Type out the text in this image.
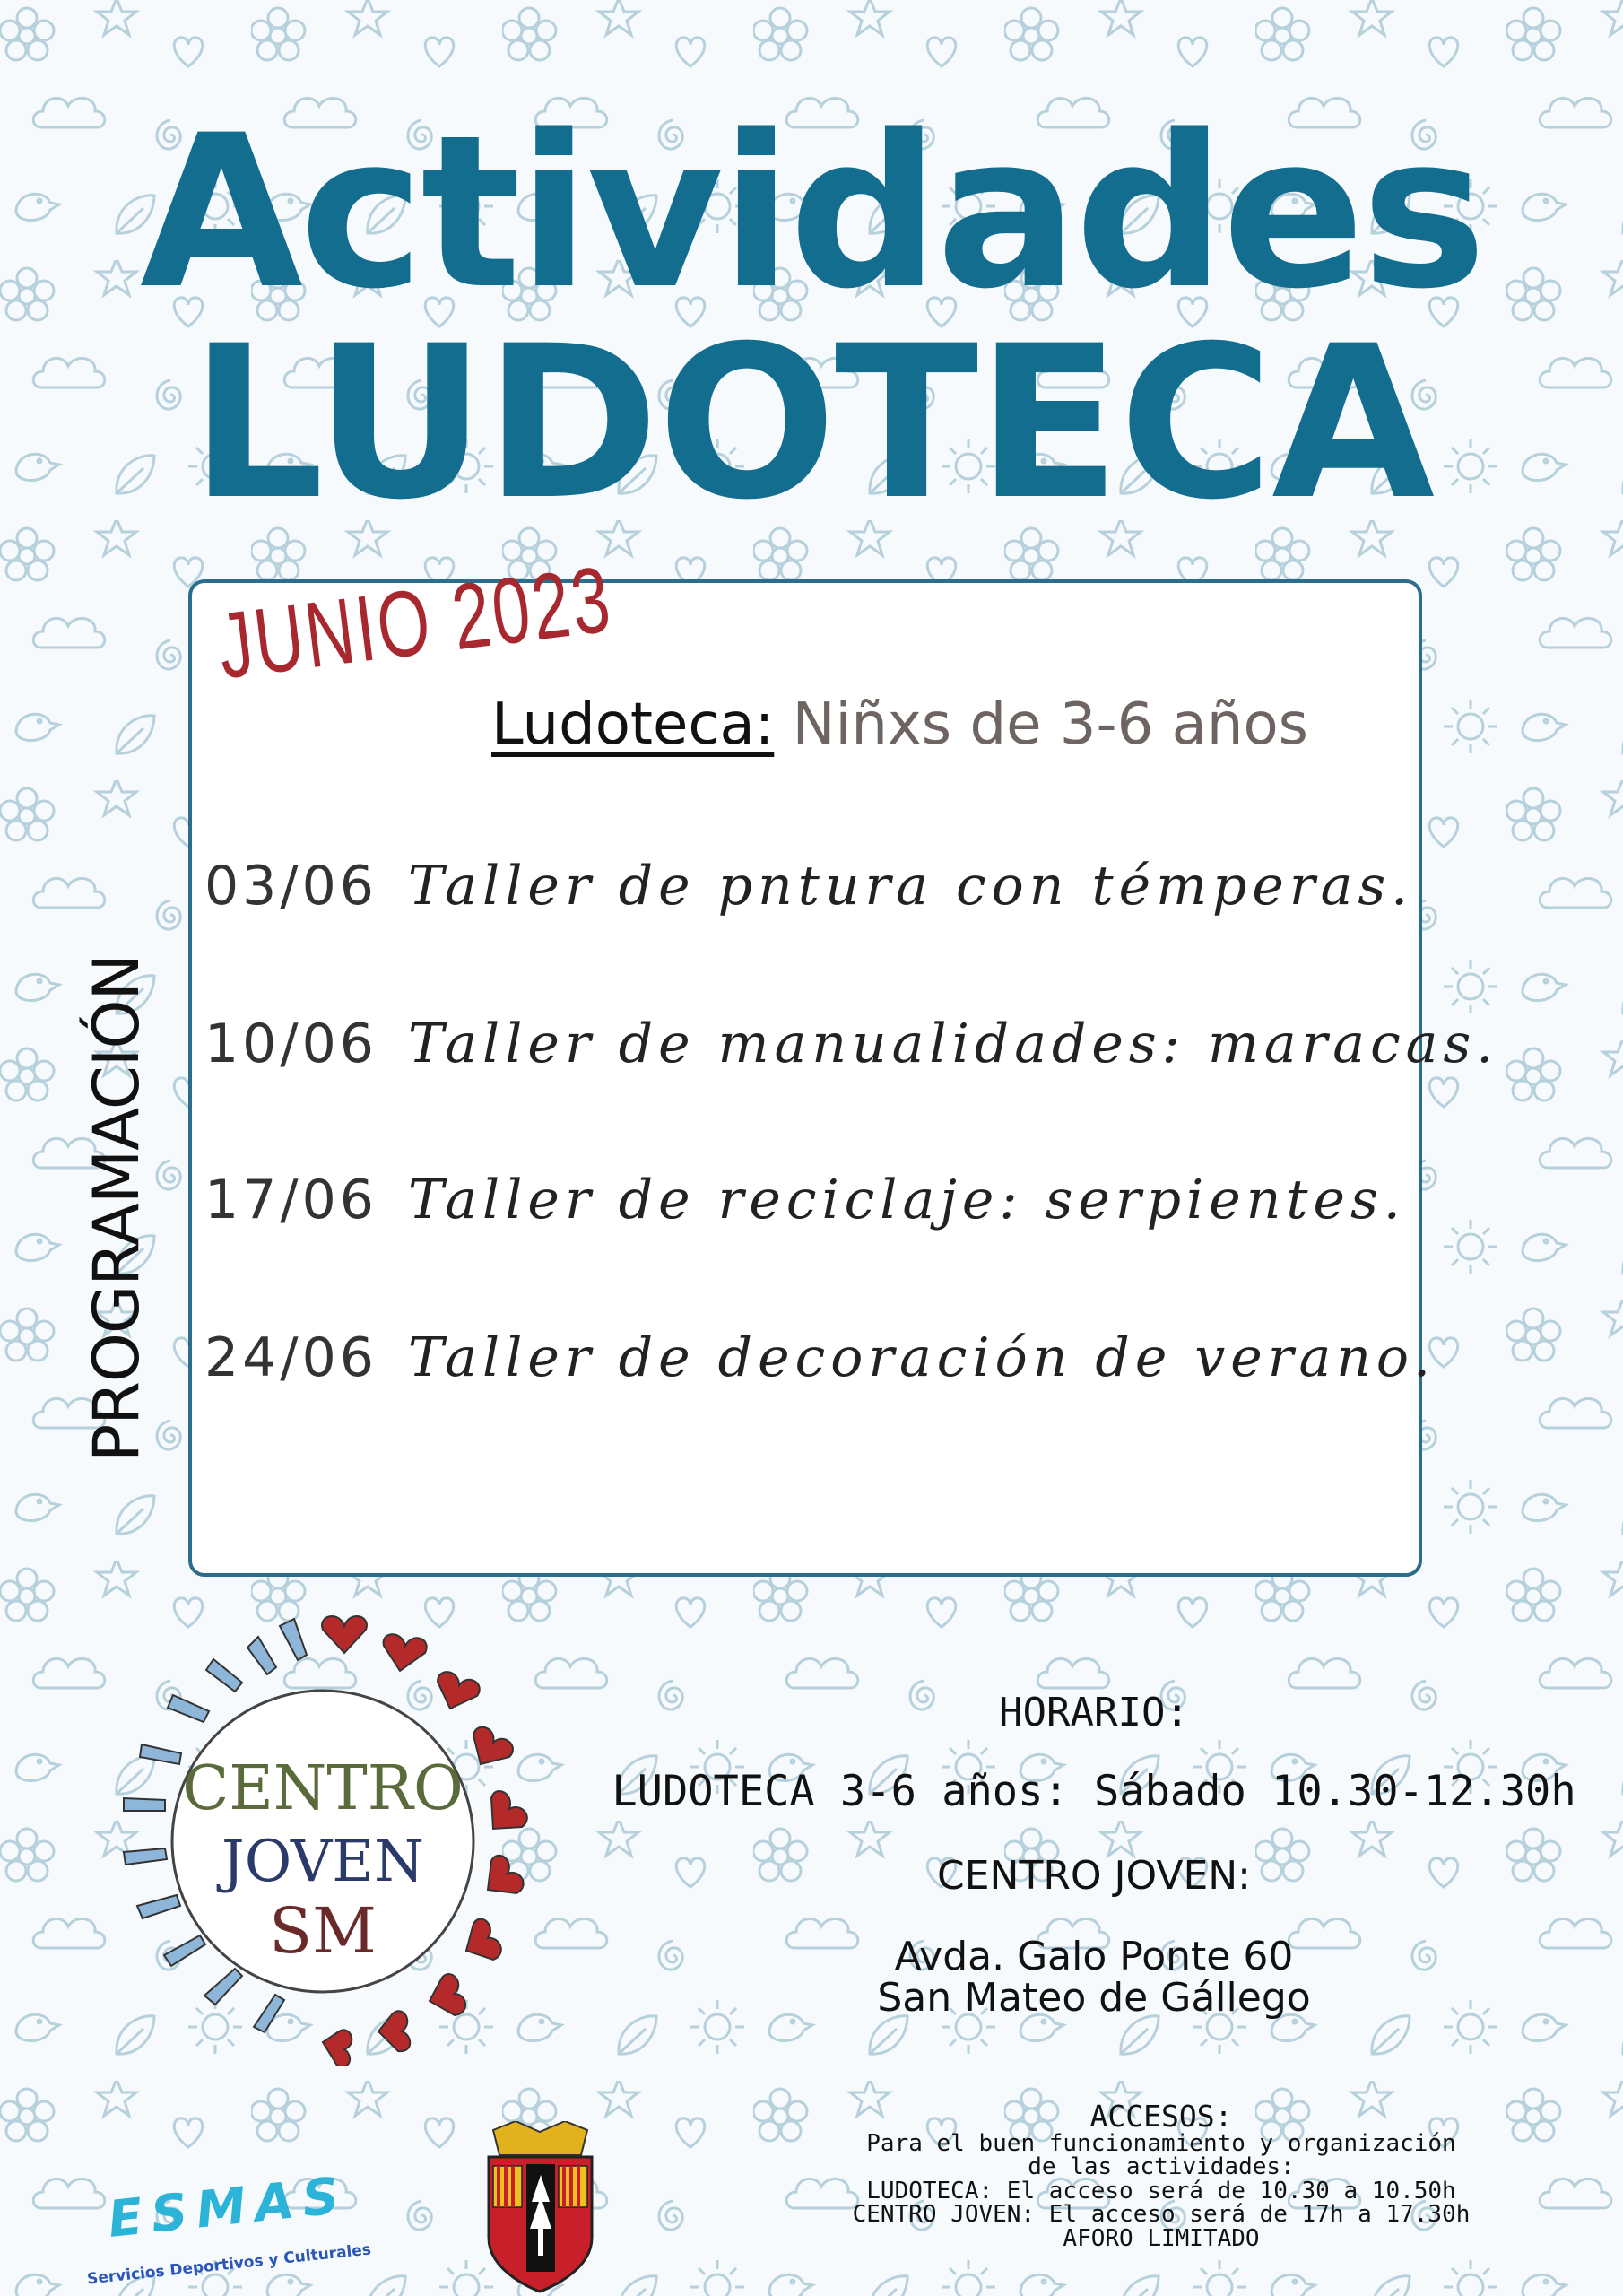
Actividades
LUDOTECA
JUNIO 2023
Ludoteca: Niñxs de 3-6 años
PROGRAMACIÓN
03/06 Taller de pntura con témperas.
10/06 Taller de manualidades: maracas.
17/06 Taller de reciclaje: serpientes.
24/06 Taller de decoración de verano.
CENTRO
JOVEN
SM
HORARIO:
LUDOTECA 3-6 años: Sábado 10.30-12.30h
CENTRO JOVEN:
Avda. Galo Ponte 60
San Mateo de Gállego
ESMAS
Servicios Deportivos y Culturales
ACCESOS:
Para el buen funcionamiento y organización
de las actividades:
LUDOTECA: El acceso será de 10.30 a 10.50h
CENTRO JOVEN: El acceso será de 17h a 17.30h
AFORO LIMITADO
